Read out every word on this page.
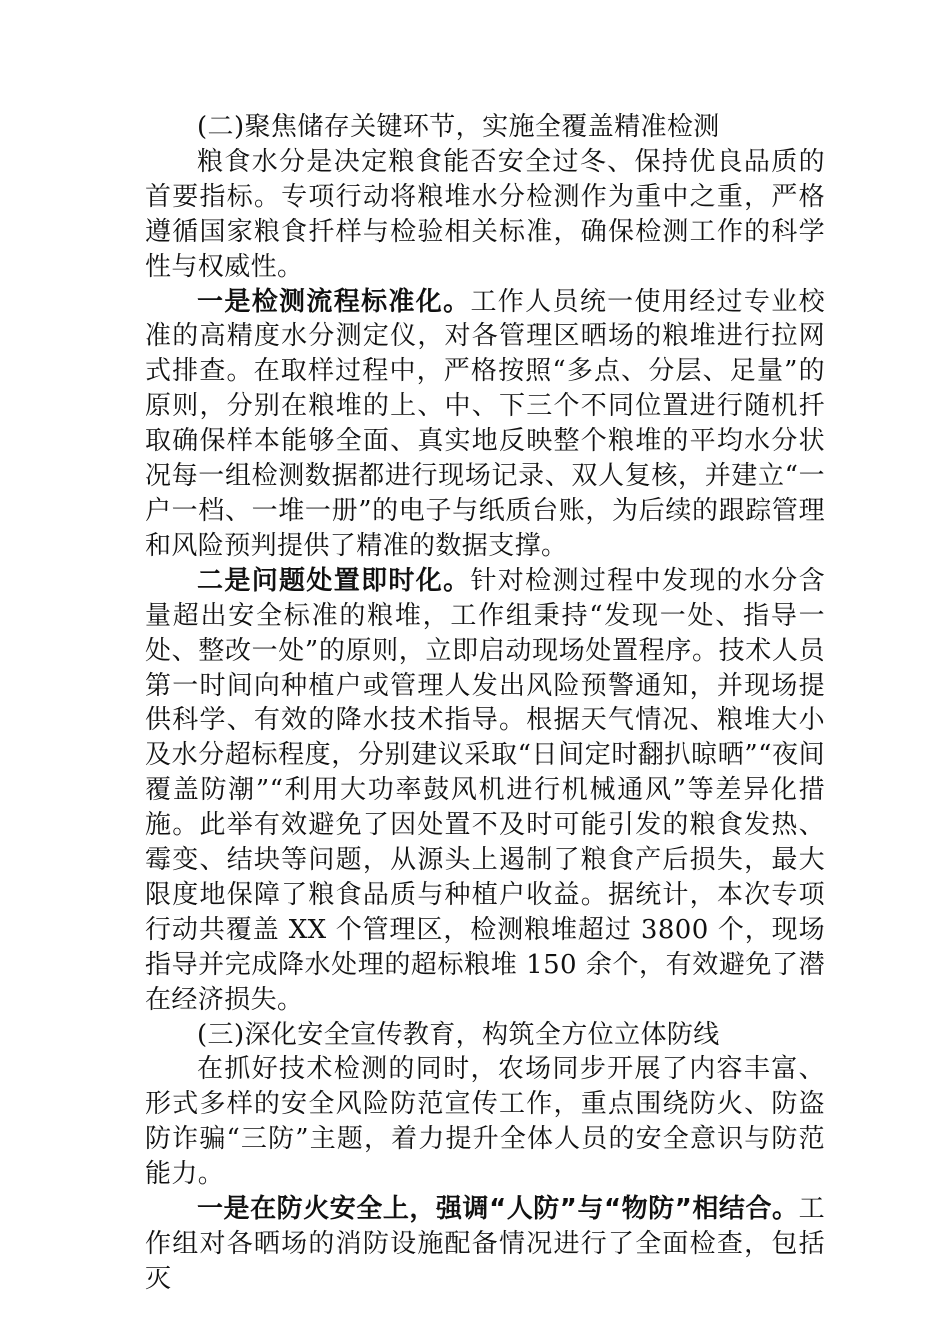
(二)聚焦储存关键环节，实施全覆盖精准检测

粮食水分是决定粮食能否安全过冬、保持优良品质的首要指标。专项行动将粮堆水分检测作为重中之重，严格遵循国家粮食扦样与检验相关标准，确保检测工作的科学性与权威性。

一是检测流程标准化。工作人员统一使用经过专业校准的高精度水分测定仪，对各管理区晒场的粮堆进行拉网式排查。在取样过程中，严格按照“多点、分层、足量”的原则，分别在粮堆的上、中、下三个不同位置进行随机扦取确保样本能够全面、真实地反映整个粮堆的平均水分状况每一组检测数据都进行现场记录、双人复核，并建立“一户一档、一堆一册”的电子与纸质台账，为后续的跟踪管理和风险预判提供了精准的数据支撑。

二是问题处置即时化。针对检测过程中发现的水分含量超出安全标准的粮堆，工作组秉持“发现一处、指导一处、整改一处”的原则，立即启动现场处置程序。技术人员第一时间向种植户或管理人发出风险预警通知，并现场提供科学、有效的降水技术指导。根据天气情况、粮堆大小及水分超标程度，分别建议采取“日间定时翻扒晾晒”“夜间覆盖防潮”“利用大功率鼓风机进行机械通风”等差异化措施。此举有效避免了因处置不及时可能引发的粮食发热、霉变、结块等问题，从源头上遏制了粮食产后损失，最大限度地保障了粮食品质与种植户收益。据统计，本次专项行动共覆盖 XX 个管理区，检测粮堆超过 3800 个，现场指导并完成降水处理的超标粮堆 150 余个，有效避免了潜在经济损失。

(三)深化安全宣传教育，构筑全方位立体防线

在抓好技术检测的同时，农场同步开展了内容丰富、形式多样的安全风险防范宣传工作，重点围绕防火、防盗防诈骗“三防”主题，着力提升全体人员的安全意识与防范能力。

一是在防火安全上，强调“人防”与“物防”相结合。工作组对各晒场的消防设施配备情况进行了全面检查，包括灭
